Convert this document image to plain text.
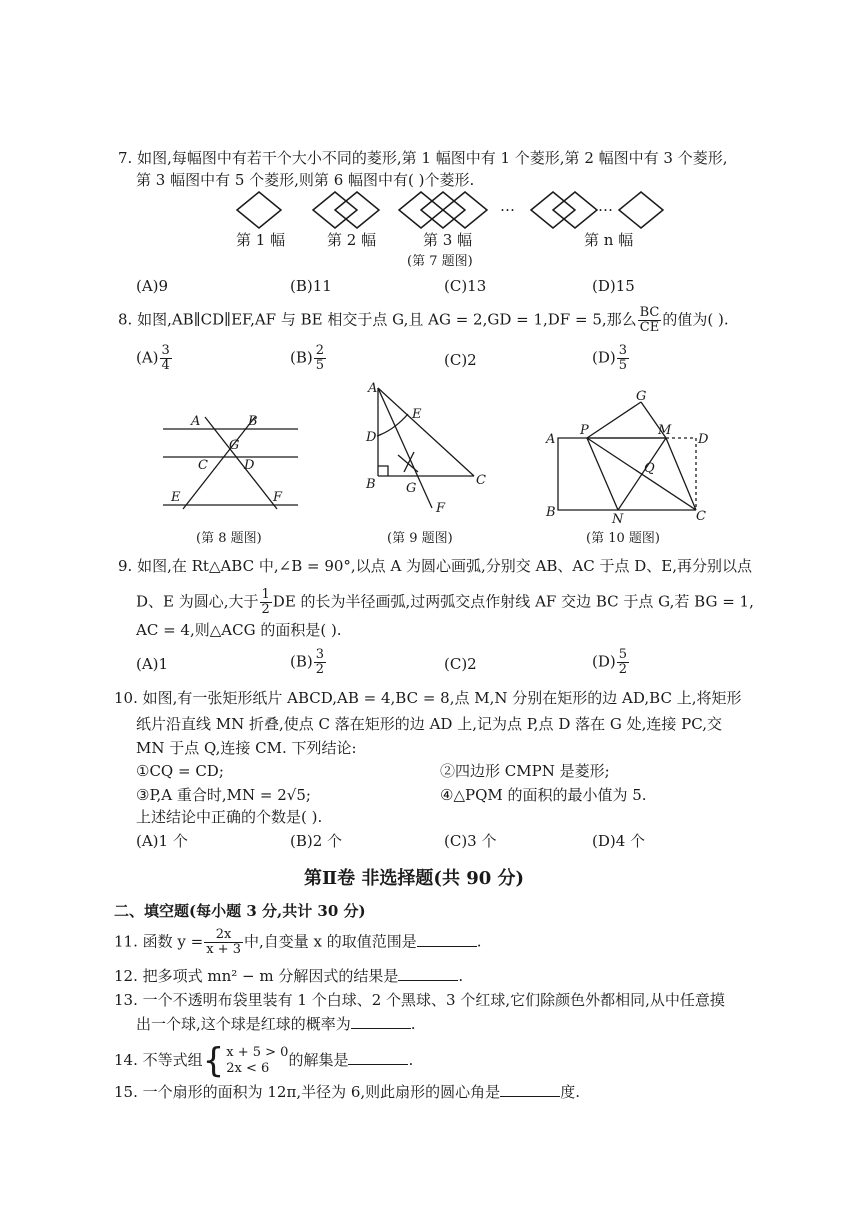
7. 如图,每幅图中有若干个大小不同的菱形,第 1 幅图中有 1 个菱形,第 2 幅图中有 3 个菱形,
第 3 幅图中有 5 个菱形,则第 6 幅图中有( )个菱形.
…	…
第 1 幅	第 2 幅	第 3 幅	第 n 幅
(第 7 题图)
(A)9	(B)11	(C)13	(D)15
8. 如图,AB∥CD∥EF,AF 与 BE 相交于点 G,且 AG = 2,GD = 1,DF = 5,那么 $\frac{BC}{CE}$ 的值为( ).
$(A) \frac{3}{4}$	$(B) \frac{2}{5}$	(C)2	$(D) \frac{3}{5}$
A	B
G
C	D
E	F
(第 8 题图)
A
E
D
B G
C
F
(第 9 题图)
A
P
G
M
D
Q
B	N	C
(第 10 题图)
9. 如图,在 Rt△ABC 中,∠B = 90°,以点 A 为圆心画弧,分别交 AB、AC 于点 D、E,再分别以点
D、E 为圆心,大于 $\frac{1}{2}$ DE 的长为半径画弧,过两弧交点作射线 AF 交边 BC 于点 G,若 BG = 1,
AC = 4,则△ACG 的面积是( ).
(A)1	$(B) \frac{3}{2}$	(C)2	$(D) \frac{5}{2}$
10. 如图,有一张矩形纸片 ABCD,AB = 4,BC = 8,点 M,N 分别在矩形的边 AD,BC 上,将矩形
纸片沿直线 MN 折叠,使点 C 落在矩形的边 AD 上,记为点 P,点 D 落在 G 处,连接 PC,交
MN 于点 Q,连接 CM. 下列结论:
①CQ = CD;	②四边形 CMPN 是菱形;
③P,A 重合时,MN = 2√5;	④△PQM 的面积的最小值为 5.
上述结论中正确的个数是( ).
(A)1 个	(B)2 个	(C)3 个	(D)4 个
第Ⅱ卷 非选择题(共 90 分)
二、填空题(每小题 3 分,共计 30 分)
11. 函数 $y = \frac{2x}{x + 3}$ 中,自变量 x 的取值范围是	.
12. 把多项式 mn² − m 分解因式的结果是	.
13. 一个不透明布袋里装有 1 个白球、2 个黑球、3 个红球,它们除颜色外都相同,从中任意摸
出一个球,这个球是红球的概率为	.
14. 不等式组{ x + 5 > 0
2x < 6	的解集是	.
15. 一个扇形的面积为 12π,半径为 6,则此扇形的圆心角是	度.
